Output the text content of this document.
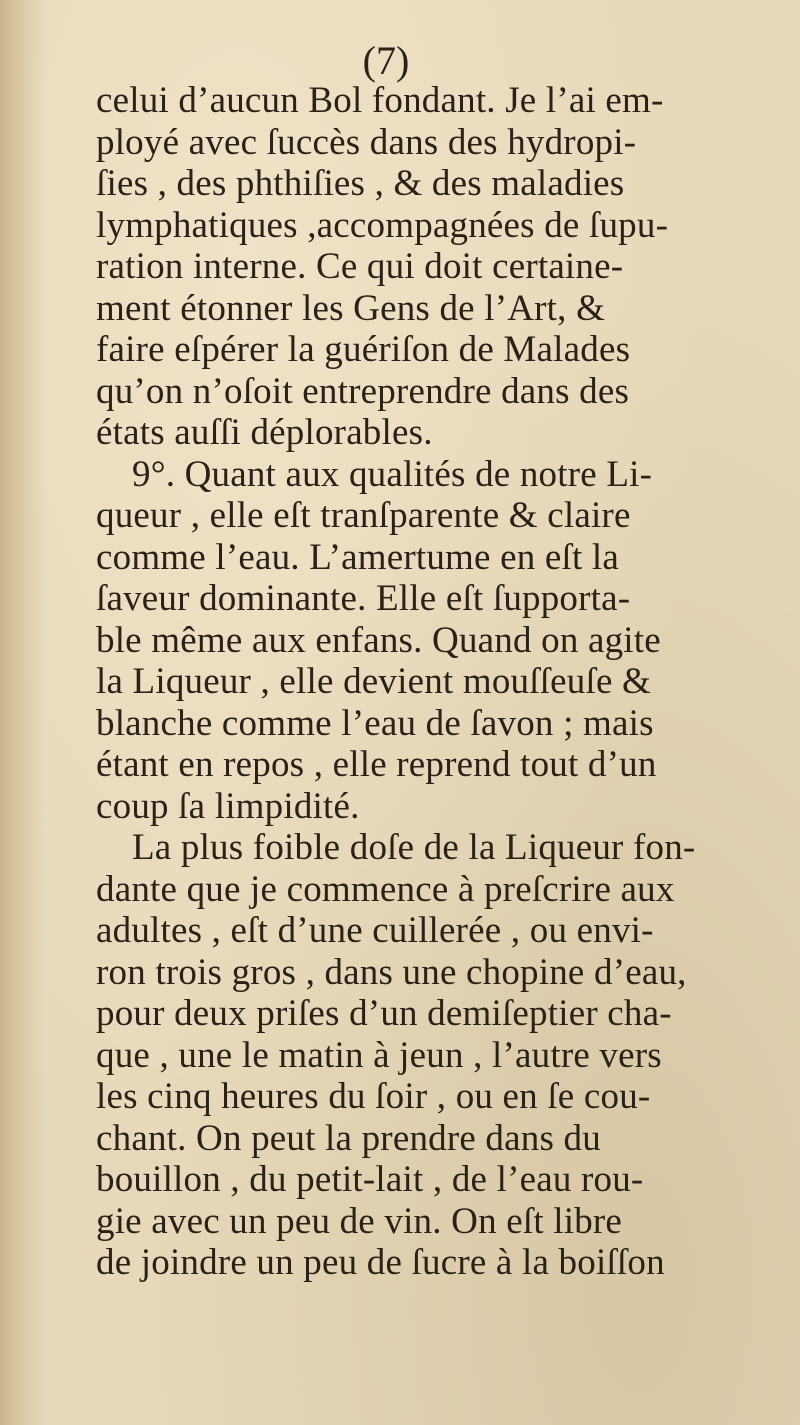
(7)
celui d’aucun Bol fondant. Je l’ai em-
ployé avec ſuccès dans des hydropi-
ſies , des phthiſies , & des maladies
lymphatiques ,accompagnées de ſupu-
ration interne. Ce qui doit certaine-
ment étonner les Gens de l’Art, &
faire eſpérer la guériſon de Malades
qu’on n’oſoit entreprendre dans des
états auſſi déplorables.
9°. Quant aux qualités de notre Li-
queur , elle eſt tranſparente & claire
comme l’eau. L’amertume en eſt la
ſaveur dominante. Elle eſt ſupporta-
ble même aux enfans. Quand on agite
la Liqueur , elle devient mouſſeuſe &
blanche comme l’eau de ſavon ; mais
étant en repos , elle reprend tout d’un
coup ſa limpidité.
La plus foible doſe de la Liqueur fon-
dante que je commence à preſcrire aux
adultes , eſt d’une cuillerée , ou envi-
ron trois gros , dans une chopine d’eau,
pour deux priſes d’un demiſeptier cha-
que , une le matin à jeun , l’autre vers
les cinq heures du ſoir , ou en ſe cou-
chant. On peut la prendre dans du
bouillon , du petit-lait , de l’eau rou-
gie avec un peu de vin. On eſt libre
de joindre un peu de ſucre à la boiſſon
